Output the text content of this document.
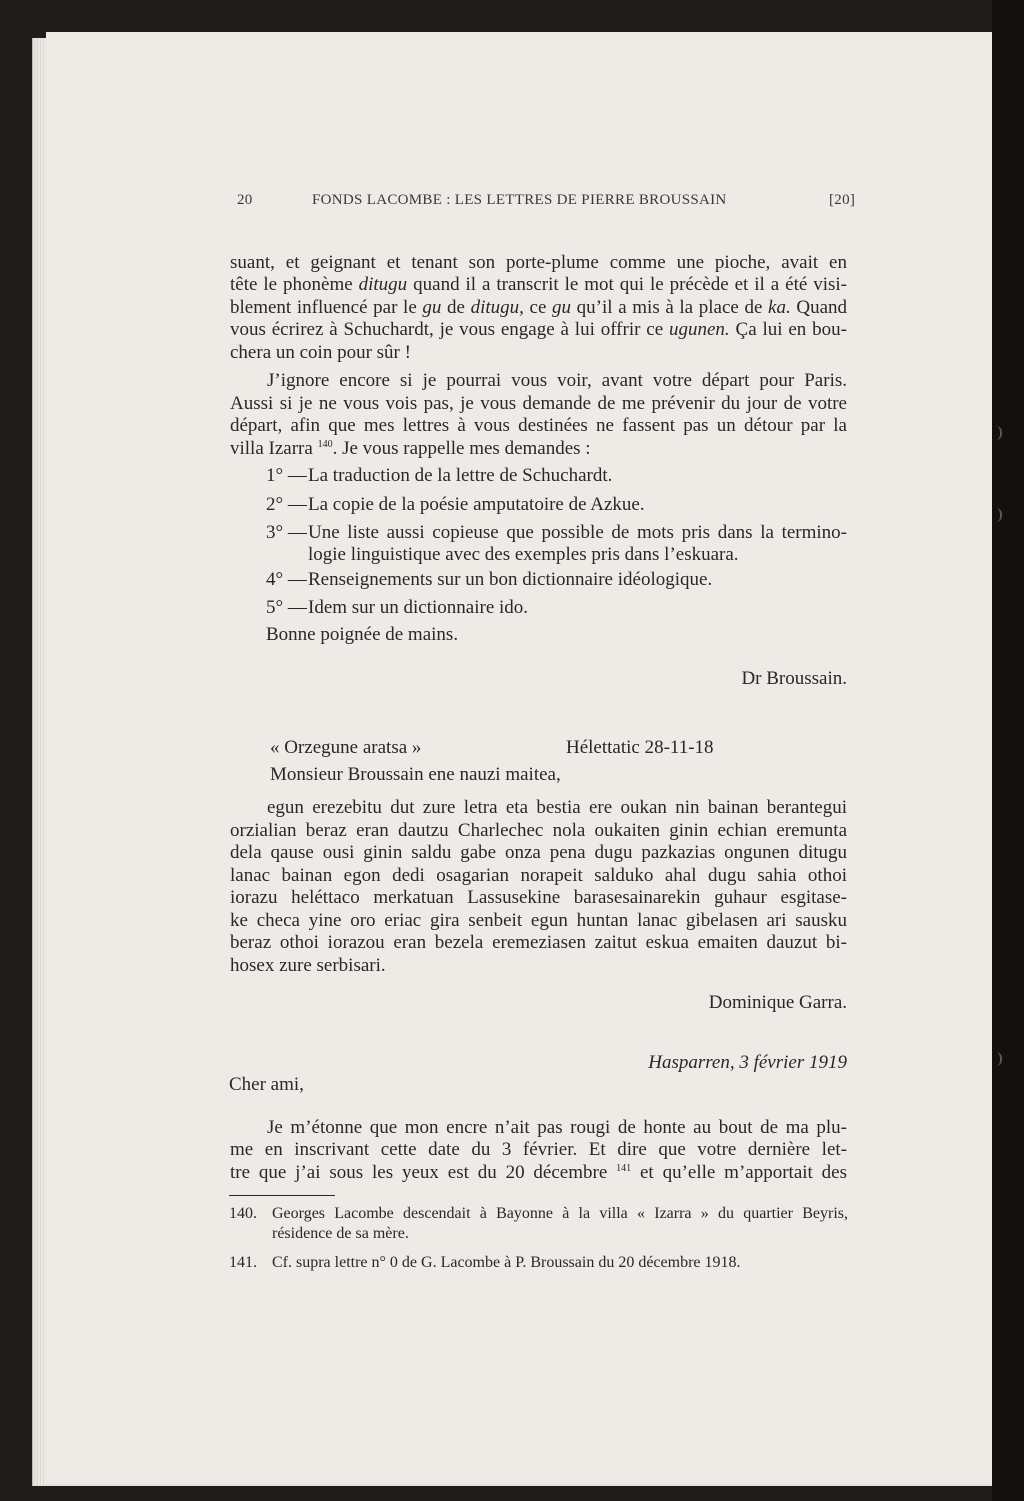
20	FONDS LACOMBE : LES LETTRES DE PIERRE BROUSSAIN	[20]
suant, et geignant et tenant son porte-plume comme une pioche, avait en
tête le phonème ditugu quand il a transcrit le mot qui le précède et il a été visi-
blement influencé par le gu de ditugu, ce gu qu’il a mis à la place de ka. Quand
vous écrirez à Schuchardt, je vous engage à lui offrir ce ugunen. Ça lui en bou-
chera un coin pour sûr !
J’ignore encore si je pourrai vous voir, avant votre départ pour Paris.
Aussi si je ne vous vois pas, je vous demande de me prévenir du jour de votre
départ, afin que mes lettres à vous destinées ne fassent pas un détour par la
villa Izarra $^{140}$. Je vous rappelle mes demandes :
1° — La traduction de la lettre de Schuchardt.
2° — La copie de la poésie amputatoire de Azkue.
3° — Une liste aussi copieuse que possible de mots pris dans la termino-
logie linguistique avec des exemples pris dans l’eskuara.
4° — Renseignements sur un bon dictionnaire idéologique.
5° — Idem sur un dictionnaire ido.
Bonne poignée de mains.
Dr Broussain.
« Orzegune aratsa »	Hélettatic 28-11-18
Monsieur Broussain ene nauzi maitea,
egun erezebitu dut zure letra eta bestia ere oukan nin bainan berantegui
orzialian beraz eran dautzu Charlechec nola oukaiten ginin echian eremunta
dela qause ousi ginin saldu gabe onza pena dugu pazkazias ongunen ditugu
lanac bainan egon dedi osagarian norapeit salduko ahal dugu sahia othoi
iorazu heléttaco merkatuan Lassusekine barasesainarekin guhaur esgitase-
ke checa yine oro eriac gira senbeit egun huntan lanac gibelasen ari sausku
beraz othoi iorazou eran bezela eremeziasen zaitut eskua emaiten dauzut bi-
hosex zure serbisari.
Dominique Garra.
Hasparren, 3 février 1919
Cher ami,
Je m’étonne que mon encre n’ait pas rougi de honte au bout de ma plu-
me en inscrivant cette date du 3 février. Et dire que votre dernière let-
tre que j’ai sous les yeux est du 20 décembre $^{141}$ et qu’elle m’apportait des
140. Georges Lacombe descendait à Bayonne à la villa « Izarra » du quartier Beyris,
résidence de sa mère.
141. Cf. supra lettre n° 0 de G. Lacombe à P. Broussain du 20 décembre 1918.
